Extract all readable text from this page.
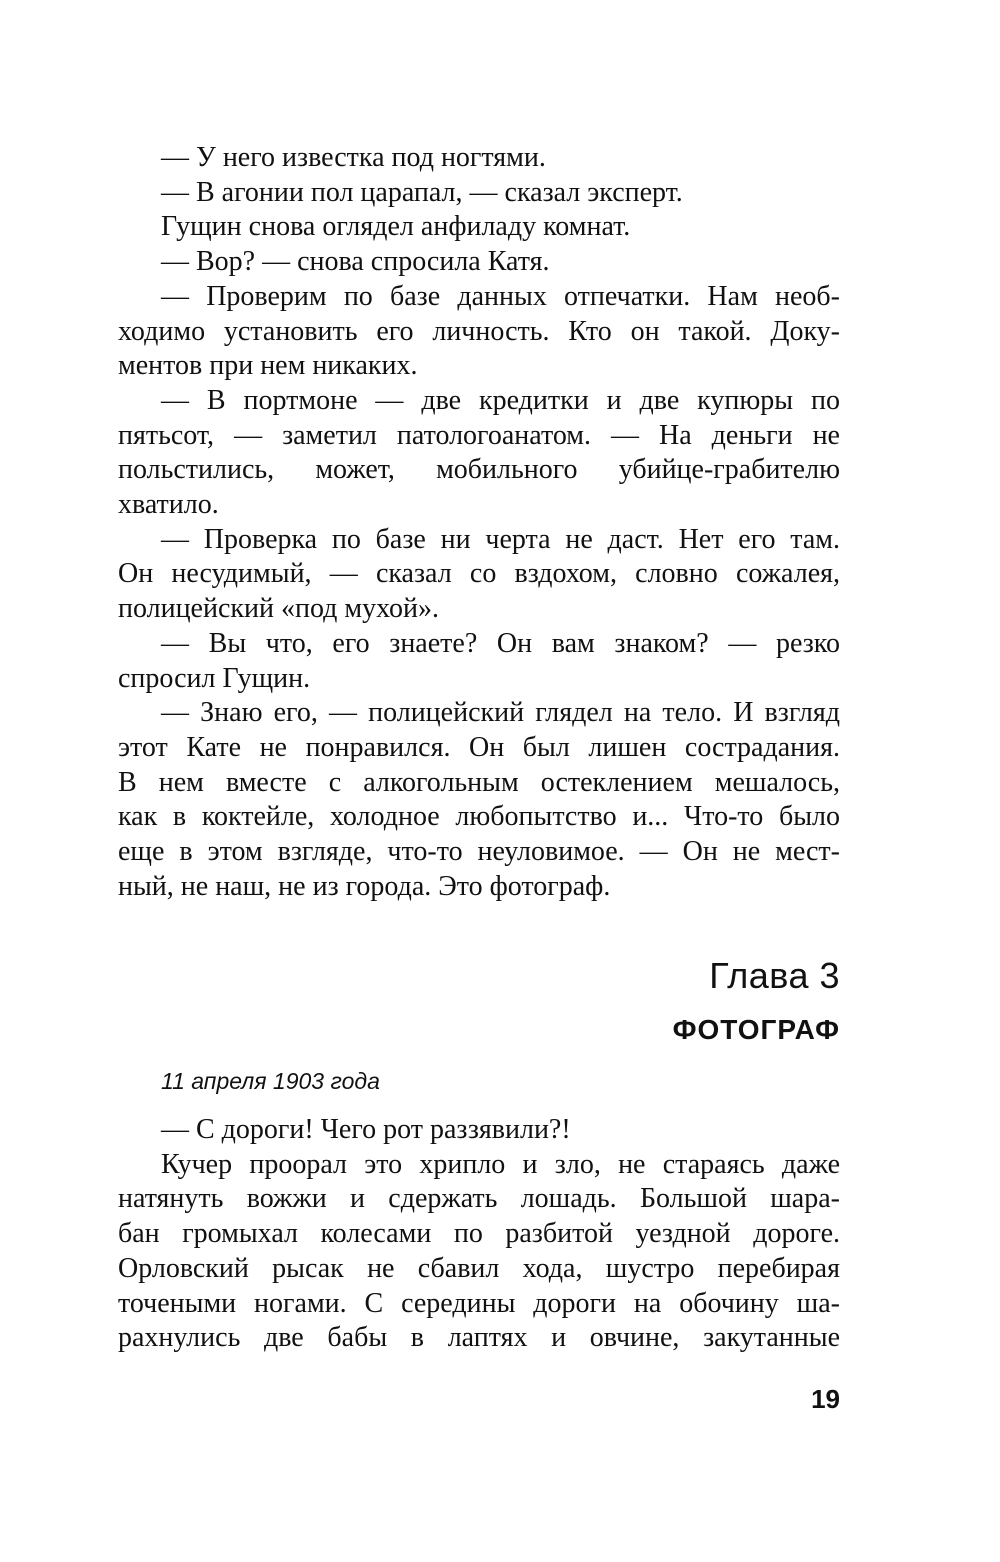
— У него известка под ногтями.
— В агонии пол царапал, — сказал эксперт.
Гущин снова оглядел анфиладу комнат.
— Вор? — снова спросила Катя.
— Проверим по базе данных отпечатки. Нам необ-
ходимо установить его личность. Кто он такой. Доку-
ментов при нем никаких.
— В портмоне — две кредитки и две купюры по
пятьсот, — заметил патологоанатом. — На деньги не
польстились, может, мобильного убийце-грабителю
хватило.
— Проверка по базе ни черта не даст. Нет его там.
Он несудимый, — сказал со вздохом, словно сожалея,
полицейский «под мухой».
— Вы что, его знаете? Он вам знаком? — резко
спросил Гущин.
— Знаю его, — полицейский глядел на тело. И взгляд
этот Кате не понравился. Он был лишен сострадания.
В нем вместе с алкогольным остеклением мешалось,
как в коктейле, холодное любопытство и... Что-то было
еще в этом взгляде, что-то неуловимое. — Он не мест-
ный, не наш, не из города. Это фотограф.
Глава 3
ФОТОГРАФ

11 апреля 1903 года

— С дороги! Чего рот раззявили?!
Кучер проорал это хрипло и зло, не стараясь даже
натянуть вожжи и сдержать лошадь. Большой шара-
бан громыхал колесами по разбитой уездной дороге.
Орловский рысак не сбавил хода, шустро перебирая
точеными ногами. С середины дороги на обочину ша-
рахнулись две бабы в лаптях и овчине, закутанные
19
